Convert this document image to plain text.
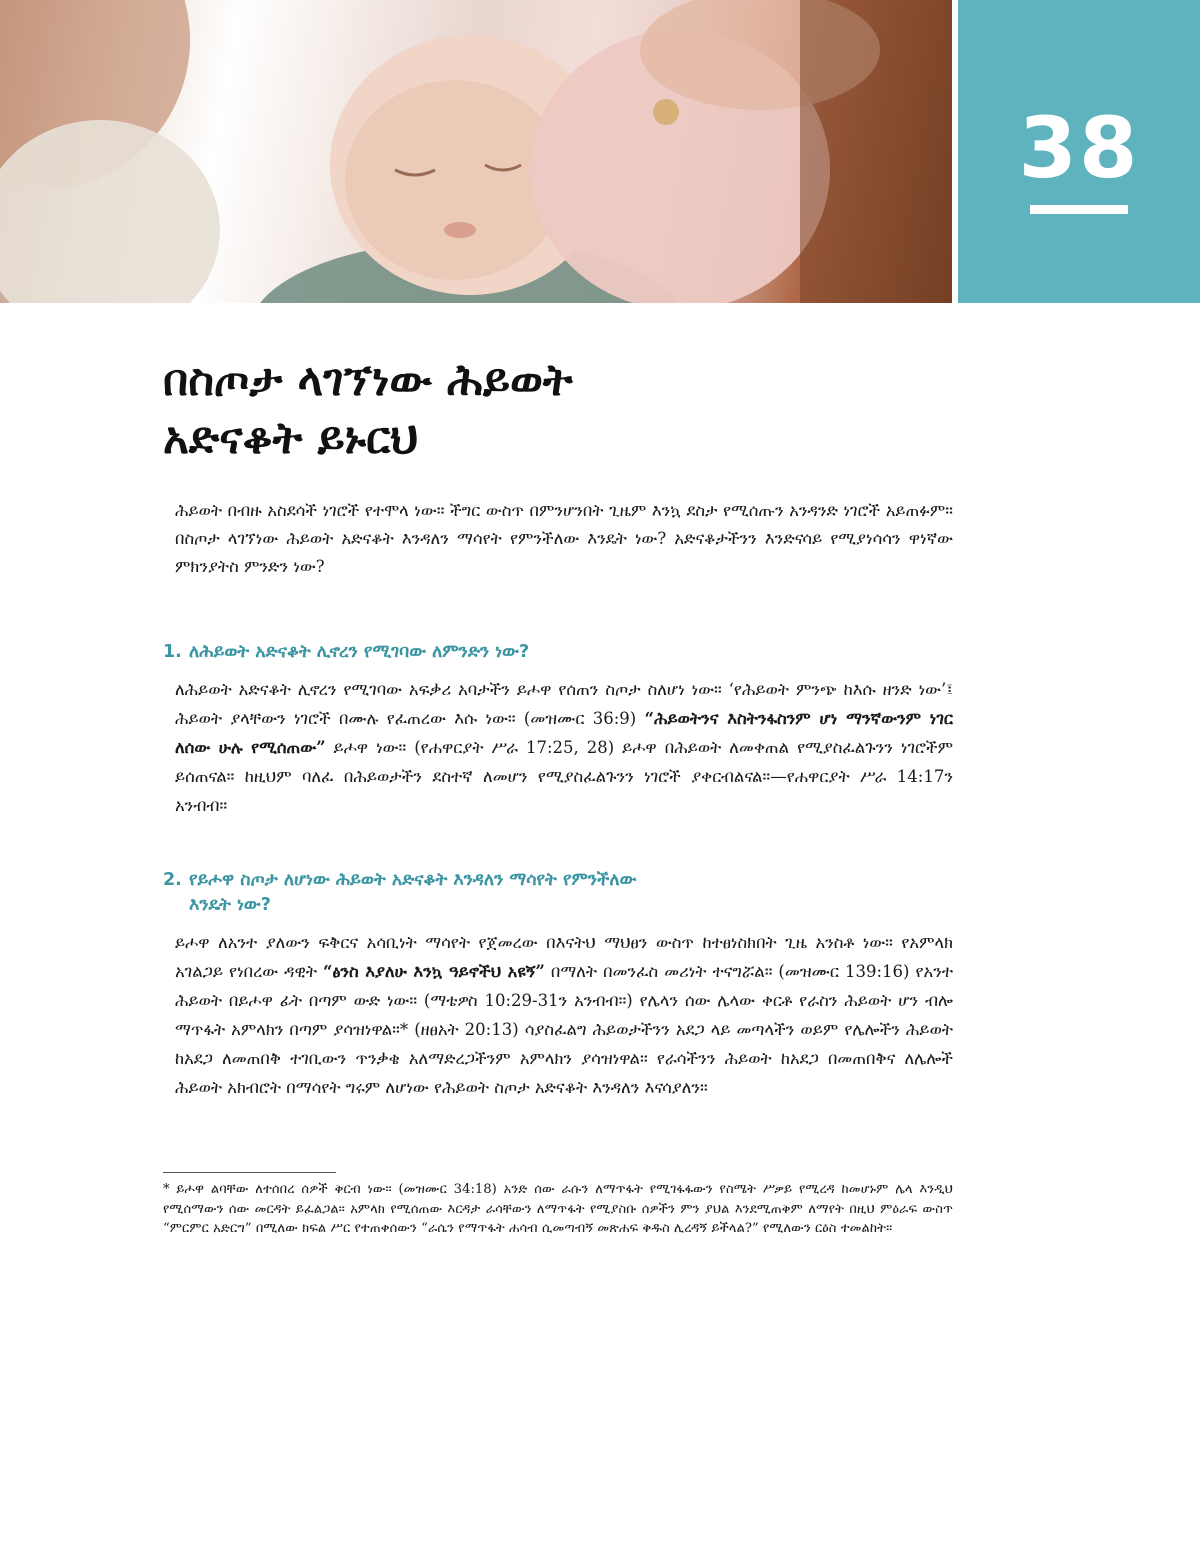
38
በስጦታ ላገኘነው ሕይወት
አድናቆት ይኑርህ

ሕይወት በብዙ አስደሳች ነገሮች የተሞላ ነው። ችግር ውስጥ በምንሆንበት ጊዜም እንኳ ደስታ የሚሰጡን አንዳንድ ነገሮች አይጠፉም። በስጦታ ላገኘነው ሕይወት አድናቆት እንዳለን ማሳየት የምንችለው እንዴት ነው? አድናቆታችንን እንድናሳይ የሚያነሳሳን ዋነኛው ምክንያትስ ምንድን ነው?

1. ለሕይወት አድናቆት ሊኖረን የሚገባው ለምንድን ነው?

ለሕይወት አድናቆት ሊኖረን የሚገባው አፍቃሪ አባታችን ይሖዋ የሰጠን ስጦታ ስለሆነ ነው። ‘የሕይወት ምንጭ ከእሱ ዘንድ ነው’፤ ሕይወት ያላቸውን ነገሮች በሙሉ የፈጠረው እሱ ነው። (መዝሙር 36:9) “ሕይወትንና እስትንፋስንም ሆነ ማንኛውንም ነገር ለሰው ሁሉ የሚሰጠው” ይሖዋ ነው። (የሐዋርያት ሥራ 17:25, 28) ይሖዋ በሕይወት ለመቀጠል የሚያስፈልጉንን ነገሮችም ይሰጠናል። ከዚህም ባለፈ በሕይወታችን ደስተኛ ለመሆን የሚያስፈልጉንን ነገሮች ያቀርብልናል።—የሐዋርያት ሥራ 14:17ን አንብብ።

2. የይሖዋ ስጦታ ለሆነው ሕይወት አድናቆት እንዳለን ማሳየት የምንችለው
እንዴት ነው?

ይሖዋ ለአንተ ያለውን ፍቅርና አሳቢነት ማሳየት የጀመረው በእናትህ ማህፀን ውስጥ ከተፀነስክበት ጊዜ አንስቶ ነው። የአምላክ አገልጋይ የነበረው ዳዊት “ፅንስ እያለሁ እንኳ ዓይኖችህ አዩኝ” በማለት በመንፈስ መሪነት ተናግሯል። (መዝሙር 139:16) የአንተ ሕይወት በይሖዋ ፊት በጣም ውድ ነው። (ማቴዎስ 10:29-31ን አንብብ።) የሌላን ሰው ሌላው ቀርቶ የራስን ሕይወት ሆን ብሎ ማጥፋት አምላክን በጣም ያሳዝነዋል።* (ዘፀአት 20:13) ሳያስፈልግ ሕይወታችንን አደጋ ላይ መጣላችን ወይም የሌሎችን ሕይወት ከአደጋ ለመጠበቅ ተገቢውን ጥንቃቄ አለማድረጋችንም አምላክን ያሳዝነዋል። የራሳችንን ሕይወት ከአደጋ በመጠበቅና ለሌሎች ሕይወት አክብሮት በማሳየት ግሩም ለሆነው የሕይወት ስጦታ አድናቆት እንዳለን እናሳያለን።

* ይሖዋ ልባቸው ለተሰበረ ሰዎች ቅርብ ነው። (መዝሙር 34:18) አንድ ሰው ራሱን ለማጥፋት የሚገፋፋውን የስሜት ሥቃይ የሚረዳ ከመሆኑም ሌላ እንዲህ የሚሰማውን ሰው መርዳት ይፈልጋል። አምላክ የሚሰጠው እርዳታ ራሳቸውን ለማጥፋት የሚያስቡ ሰዎችን ምን ያህል እንደሚጠቅም ለማየት በዚህ ምዕራፍ ውስጥ “ምርምር አድርግ” በሚለው ክፍል ሥር የተጠቀሰውን “ራሴን የማጥፋት ሐሳብ ሲመጣብኝ መጽሐፍ ቅዱስ ሊረዳኝ ይችላል?” የሚለውን ርዕስ ተመልከት።
